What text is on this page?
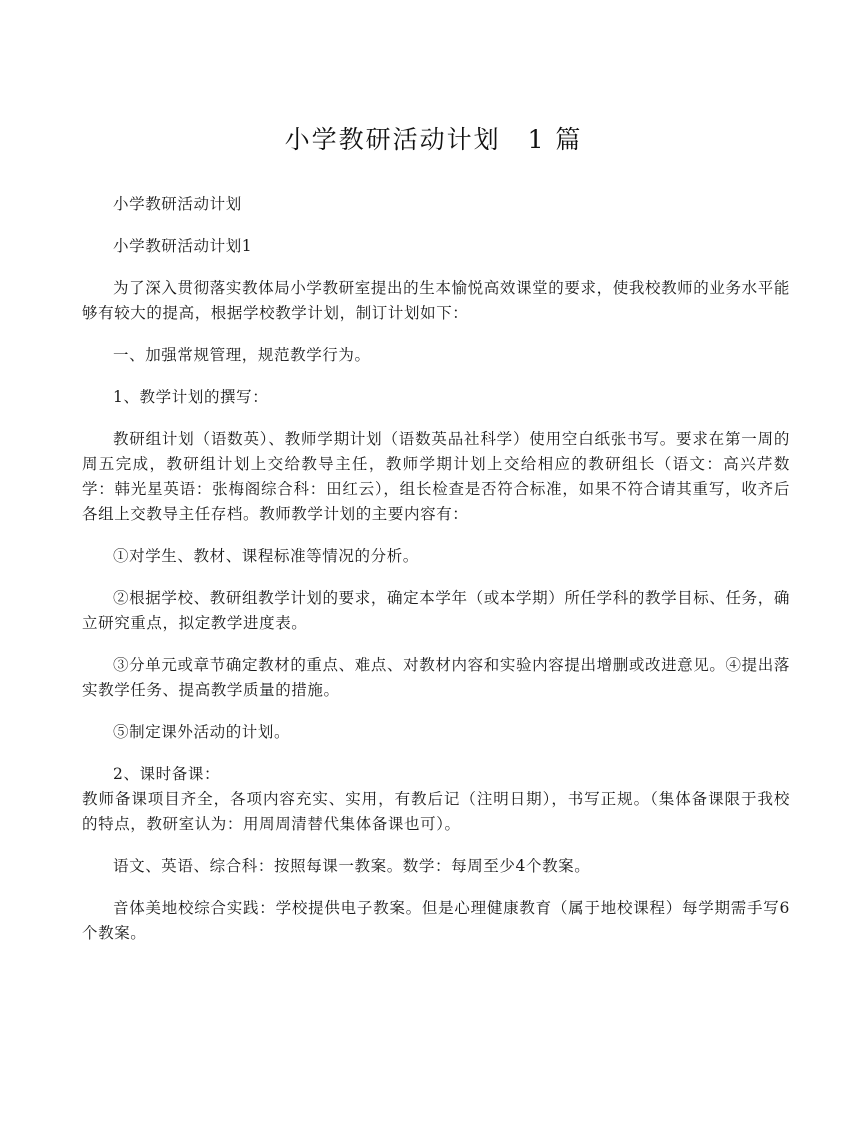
小学教研活动计划　1 篇

小学教研活动计划

小学教研活动计划1

为了深入贯彻落实教体局小学教研室提出的生本愉悦高效课堂的要求，使我校教师的业务水平能够有较大的提高，根据学校教学计划，制订计划如下：

一、加强常规管理，规范教学行为。

1、教学计划的撰写：

教研组计划（语数英）、教师学期计划（语数英品社科学）使用空白纸张书写。要求在第一周的周五完成，教研组计划上交给教导主任，教师学期计划上交给相应的教研组长（语文：高兴芹数学：韩光星英语：张梅阁综合科：田红云），组长检查是否符合标准，如果不符合请其重写，收齐后各组上交教导主任存档。教师教学计划的主要内容有：

①对学生、教材、课程标准等情况的分析。

②根据学校、教研组教学计划的要求，确定本学年（或本学期）所任学科的教学目标、任务，确立研究重点，拟定教学进度表。

③分单元或章节确定教材的重点、难点、对教材内容和实验内容提出增删或改进意见。④提出落实教学任务、提高教学质量的措施。

⑤制定课外活动的计划。

2、课时备课：

教师备课项目齐全，各项内容充实、实用，有教后记（注明日期），书写正规。（集体备课限于我校的特点，教研室认为：用周周清替代集体备课也可）。

语文、英语、综合科：按照每课一教案。数学：每周至少4个教案。

音体美地校综合实践：学校提供电子教案。但是心理健康教育（属于地校课程）每学期需手写6个教案。
